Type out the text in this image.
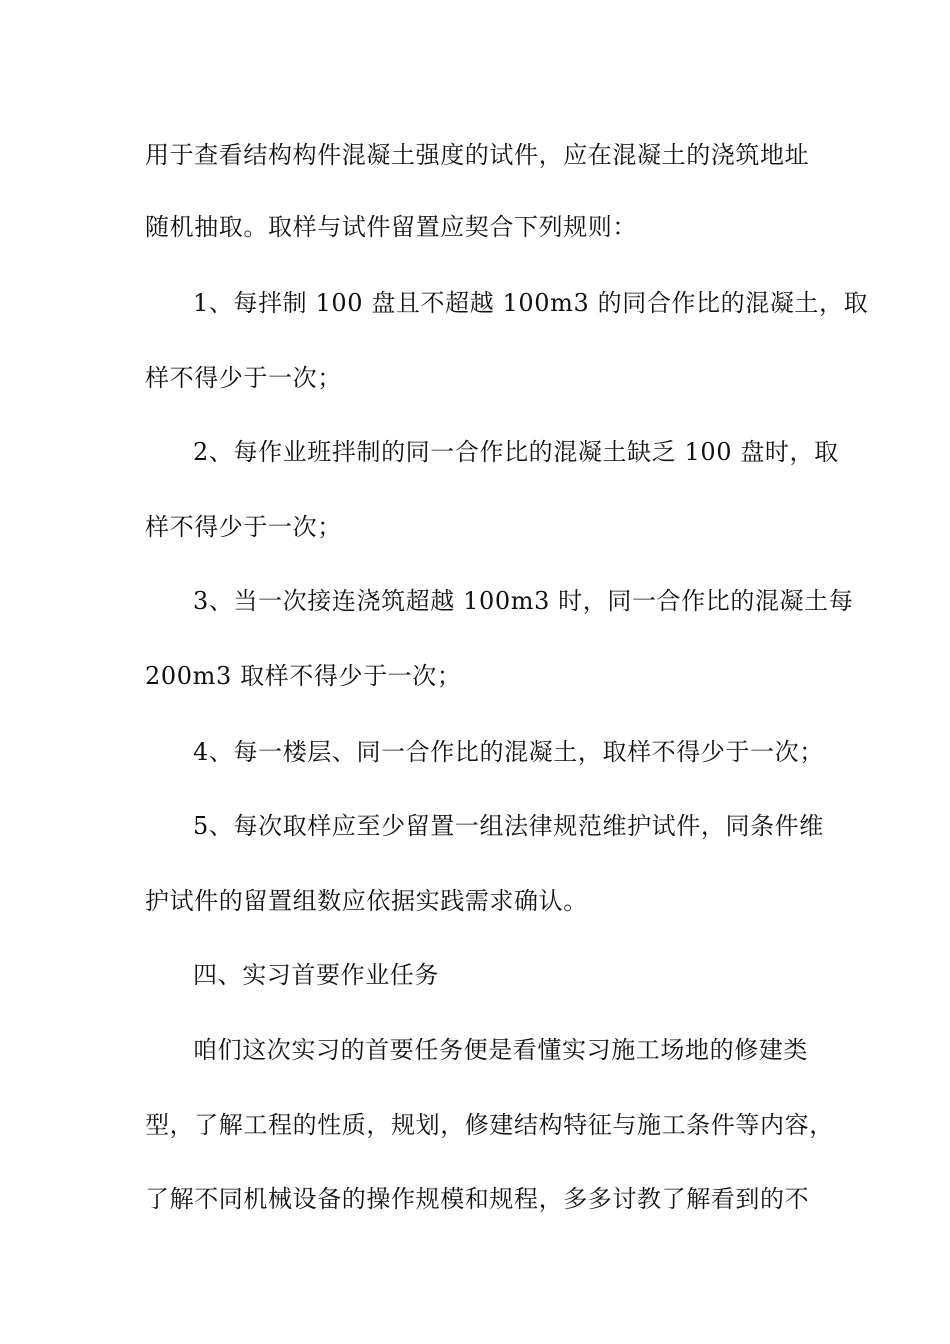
用于查看结构构件混凝土强度的试件，应在混凝土的浇筑地址
随机抽取。取样与试件留置应契合下列规则：
1、每拌制 100 盘且不超越 100m3 的同合作比的混凝土，取
样不得少于一次；
2、每作业班拌制的同一合作比的混凝土缺乏 100 盘时，取
样不得少于一次；
3、当一次接连浇筑超越 100m3 时，同一合作比的混凝土每
200m3 取样不得少于一次；
4、每一楼层、同一合作比的混凝土，取样不得少于一次；
5、每次取样应至少留置一组法律规范维护试件，同条件维
护试件的留置组数应依据实践需求确认。
四、实习首要作业任务
咱们这次实习的首要任务便是看懂实习施工场地的修建类
型，了解工程的性质，规划，修建结构特征与施工条件等内容，
了解不同机械设备的操作规模和规程，多多讨教了解看到的不
